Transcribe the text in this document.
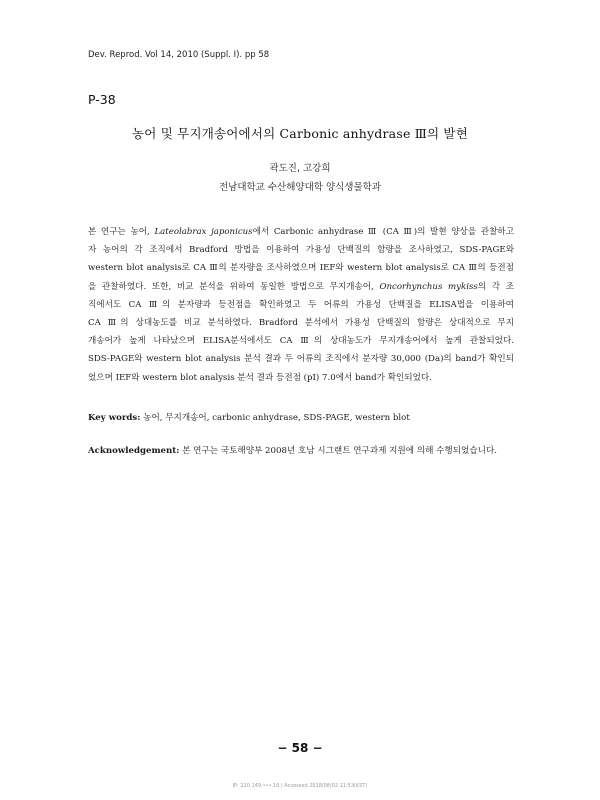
Dev. Reprod. Vol 14, 2010 (Suppl. I). pp 58
P-38
농어 및 무지개송어에서의 Carbonic anhydrase Ⅲ의 발현
곽도진, 고강희
전남대학교 수산해양대학 양식생물학과

본 연구는 농어, Lateolabrax japonicus에서 Carbonic anhydrase Ⅲ (CA Ⅲ)의 발현 양상을 관찰하고
자 농어의 각 조직에서 Bradford 방법을 이용하여 가용성 단백질의 함량을 조사하였고, SDS-PAGE와
western blot analysis로 CA Ⅲ의 분자량을 조사하였으며 IEF와 western blot analysis로 CA Ⅲ의 등전점
을 관찰하였다. 또한, 비교 분석을 위하여 동일한 방법으로 무지개송어, Oncorhynchus mykiss의 각 조
직에서도 CA Ⅲ의 분자량과 등전점을 확인하였고 두 어류의 가용성 단백질을 ELISA법을 이용하여
CA Ⅲ의 상대농도를 비교 분석하였다. Bradford 분석에서 가용성 단백질의 함량은 상대적으로 무지
개송어가 높게 나타났으며 ELISA분석에서도 CA Ⅲ의 상대농도가 무지개송어에서 높게 관찰되었다.
SDS-PAGE와 western blot analysis 분석 결과 두 어류의 조직에서 분자량 30,000 (Da)의 band가 확인되
었으며 IEF와 western blot analysis 분석 결과 등전점 (pI) 7.0에서 band가 확인되었다.

Key words: 농어, 무지개송어, carbonic anhydrase, SDS-PAGE, western blot
Acknowledgement: 본 연구는 국토해양부 2008년 호남 시그랜트 연구과제 지원에 의해 수행되었습니다.
− 58 −
IP: 220.149.•••.10 | Accessed 2018/08/02 11:53(KST)
